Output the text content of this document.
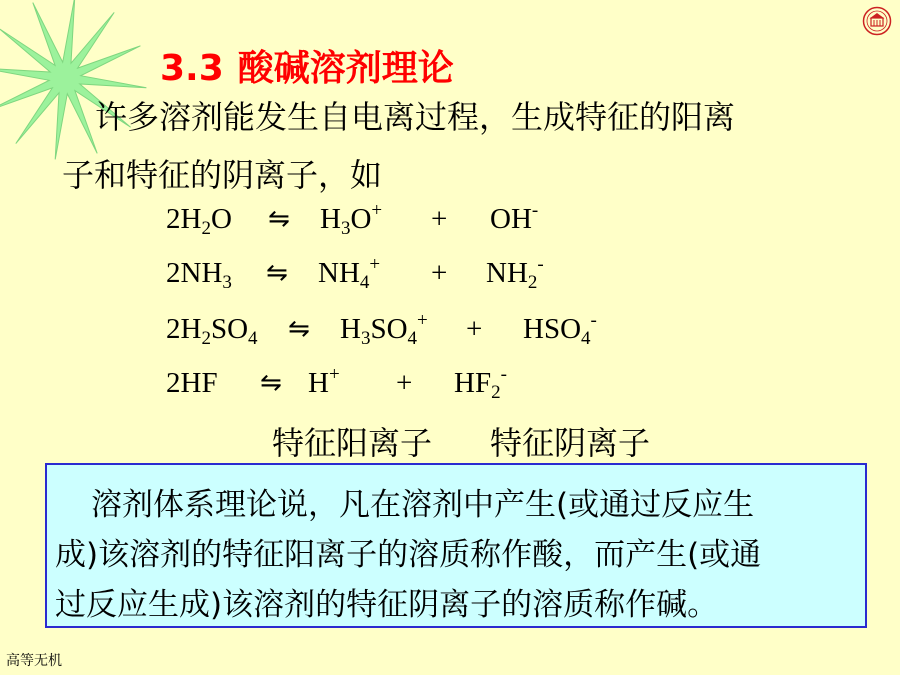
3.3 酸碱溶剂理论
许多溶剂能发生自电离过程，生成特征的阳离
子和特征的阴离子，如
$2H_2O$ ⇋ $H_3O^+ + OH^-$
$2NH_3$ ⇋ $NH_4^+ + NH_2^-$
$2H_2SO_4$ ⇋ $H_3SO_4^+ + HSO_4^-$
2HF ⇋ $H^+ + HF_2^-$
特征阳离子 特征阴离子
溶剂体系理论说，凡在溶剂中产生(或通过反应生
成)该溶剂的特征阳离子的溶质称作酸，而产生(或通
过反应生成)该溶剂的特征阴离子的溶质称作碱。
高等无机
